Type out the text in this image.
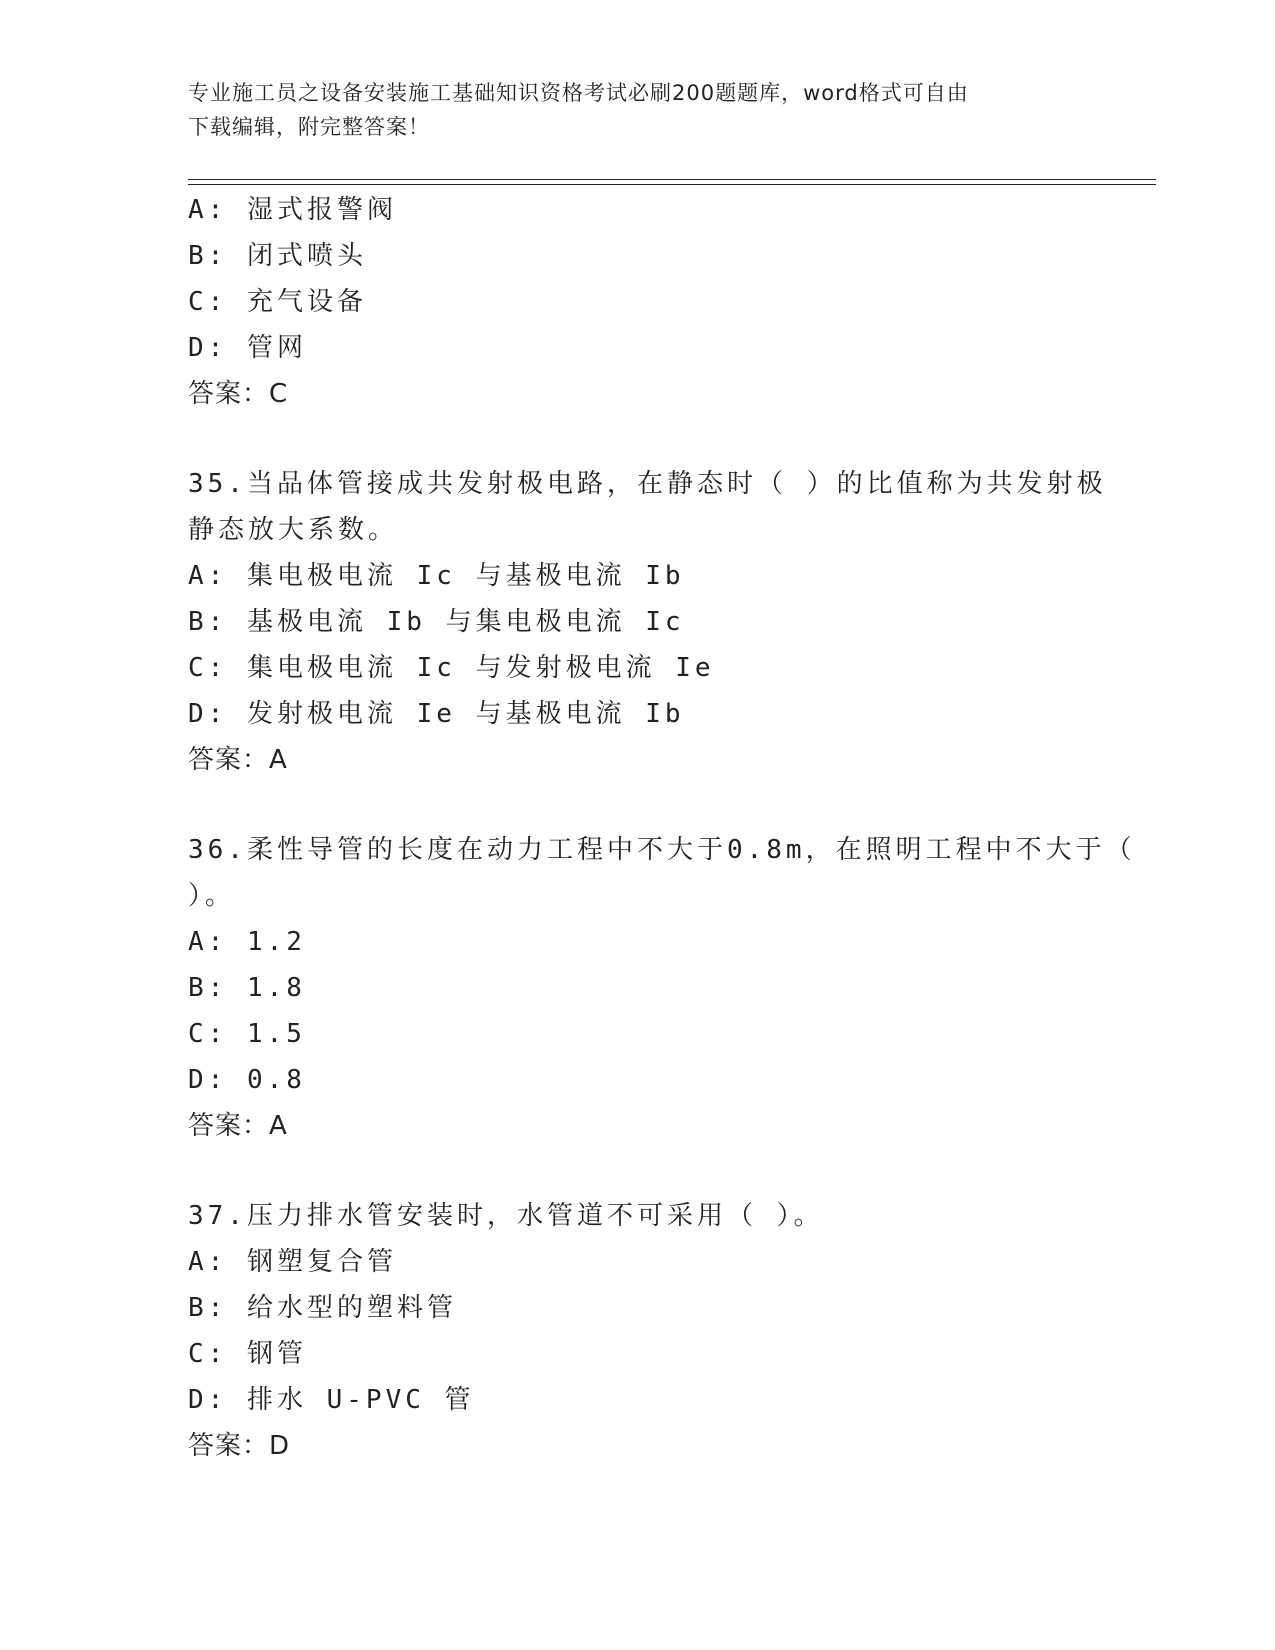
专业施工员之设备安装施工基础知识资格考试必刷200题题库，word格式可自由
下载编辑，附完整答案！
A: 湿式报警阀
B: 闭式喷头
C: 充气设备
D: 管网
答案：C
35.当品体管接成共发射极电路，在静态时（ ）的比值称为共发射极
静态放大系数。
A: 集电极电流 Ic 与基极电流 Ib
B: 基极电流 Ib 与集电极电流 Ic
C: 集电极电流 Ic 与发射极电流 Ie
D: 发射极电流 Ie 与基极电流 Ib
答案：A
36.柔性导管的长度在动力工程中不大于0.8m，在照明工程中不大于（
）。
A: 1.2
B: 1.8
C: 1.5
D: 0.8
答案：A
37.压力排水管安装时，水管道不可采用（ ）。
A: 钢塑复合管
B: 给水型的塑料管
C: 钢管
D: 排水 U-PVC 管
答案：D
